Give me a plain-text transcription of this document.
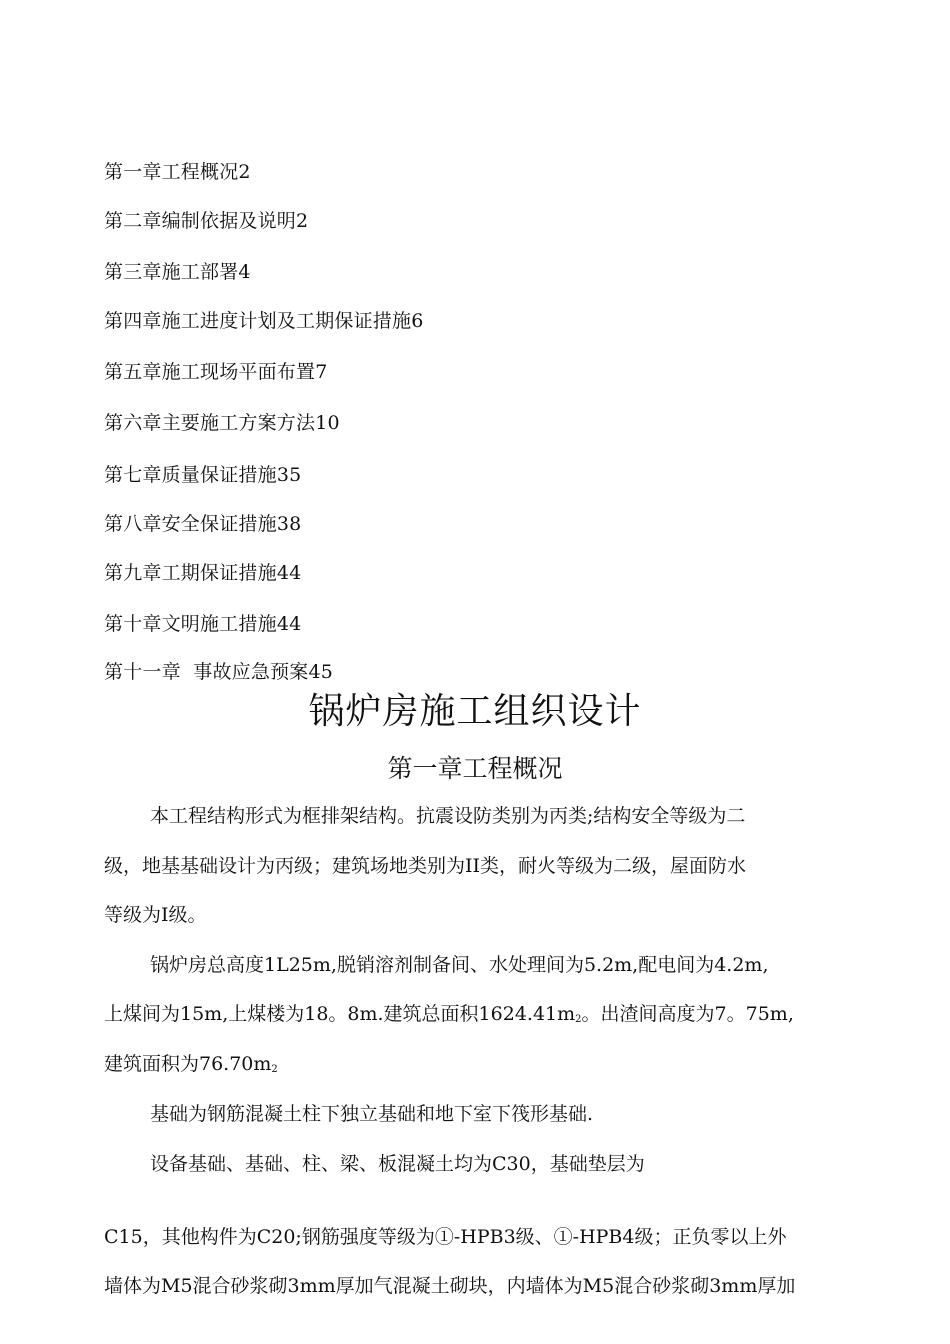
第一章工程概况2
第二章编制依据及说明2
第三章施工部署4
第四章施工进度计划及工期保证措施6
第五章施工现场平面布置7
第六章主要施工方案方法10
第七章质量保证措施35
第八章安全保证措施38
第九章工期保证措施44
第十章文明施工措施44
第十一章  事故应急预案45
锅炉房施工组织设计
第一章工程概况
本工程结构形式为框排架结构。抗震设防类别为丙类;结构安全等级为二
级，地基基础设计为丙级；建筑场地类别为II类，耐火等级为二级，屋面防水
等级为Ⅰ级。
锅炉房总高度1L25m,脱销溶剂制备间、水处理间为5.2m,配电间为4.2m,
上煤间为15m,上煤楼为18。8m.建筑总面积$1624.41m_2$。出渣间高度为7。75m,
建筑面积为$76.70m_2$
基础为钢筋混凝土柱下独立基础和地下室下筏形基础.
设备基础、基础、柱、梁、板混凝土均为C30，基础垫层为
C15，其他构件为C20;钢筋强度等级为①-HPB3级、①-HPB4级；正负零以上外
墙体为M5混合砂浆砌3mm厚加气混凝土砌块，内墙体为M5混合砂浆砌3mm厚加
